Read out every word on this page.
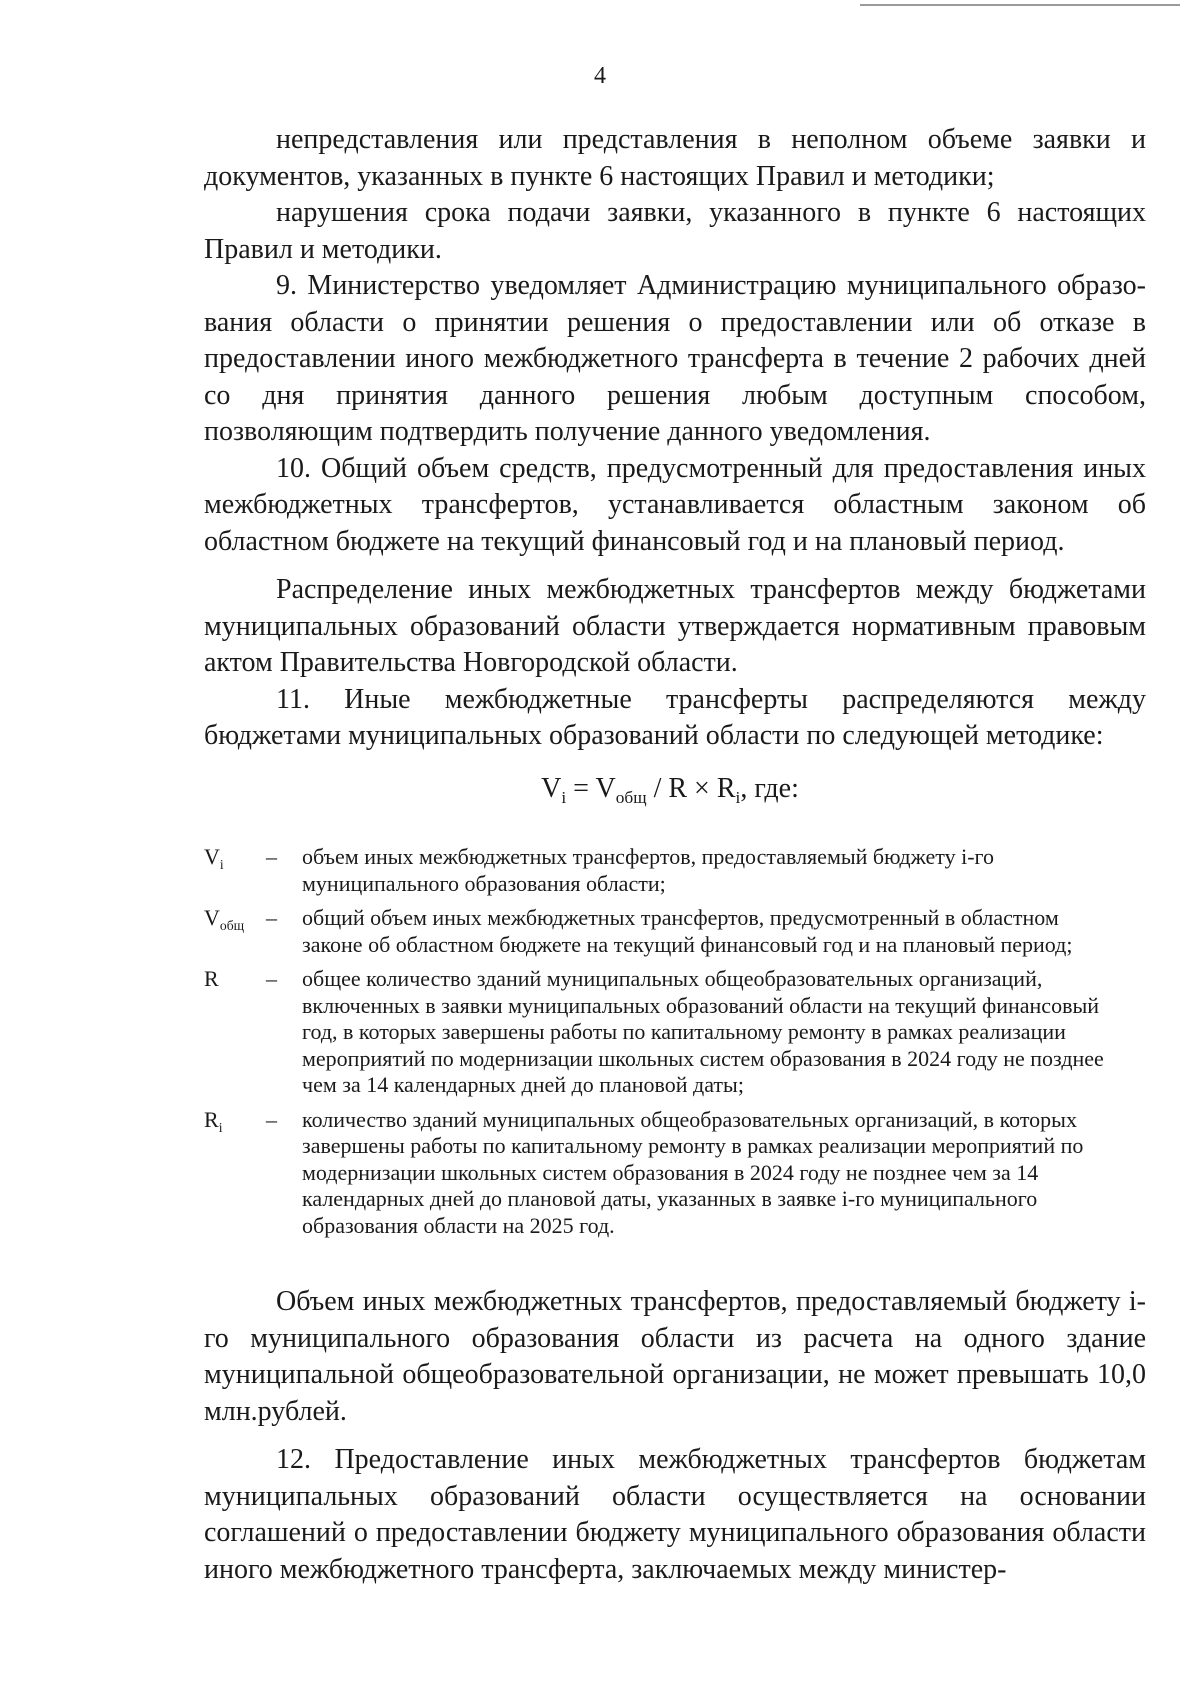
4

непредставления или представления в неполном объеме заявки и документов, указанных в пункте 6 настоящих Правил и методики;

нарушения срока подачи заявки, указанного в пункте 6 настоящих Правил и методики.

9. Министерство уведомляет Администрацию муниципального образования области о принятии решения о предоставлении или об отказе в предоставлении иного межбюджетного трансферта в течение 2 рабочих дней со дня принятия данного решения любым доступным способом, позволяющим подтвердить получение данного уведомления.

10. Общий объем средств, предусмотренный для предоставления иных межбюджетных трансфертов, устанавливается областным законом об областном бюджете на текущий финансовый год и на плановый период.

Распределение иных межбюджетных трансфертов между бюджетами муниципальных образований области утверждается нормативным правовым актом Правительства Новгородской области.

11. Иные межбюджетные трансферты распределяются между бюджетами муниципальных образований области по следующей методике:

$V_i = V_{общ} / R \times R_i$, где:
$V_i$	–	объем иных межбюджетных трансфертов, предоставляемый бюджету i-го муниципального образования области;
$V_{общ}$ –	общий объем иных межбюджетных трансфертов, предусмотренный в областном законе об областном бюджете на текущий финансовый год и на плановый период;
R	–	общее количество зданий муниципальных общеобразовательных организаций, включенных в заявки муниципальных образований области на текущий финансовый год, в которых завершены работы по капитальному ремонту в рамках реализации мероприятий по модернизации школьных систем образования в 2024 году не позднее чем за 14 календарных дней до плановой даты;
$R_i$	–	количество зданий муниципальных общеобразовательных организаций, в которых завершены работы по капитальному ремонту в рамках реализации мероприятий по модернизации школьных систем образования в 2024 году не позднее чем за 14 календарных дней до плановой даты, указанных в заявке i-го муниципального образования области на 2025 год.

Объем иных межбюджетных трансфертов, предоставляемый бюджету i-го муниципального образования области из расчета на одного здание муниципальной общеобразовательной организации, не может превышать 10,0 млн.рублей.

12. Предоставление иных межбюджетных трансфертов бюджетам муниципальных образований области осуществляется на основании соглашений о предоставлении бюджету муниципального образования области иного межбюджетного трансферта, заключаемых между министер-
